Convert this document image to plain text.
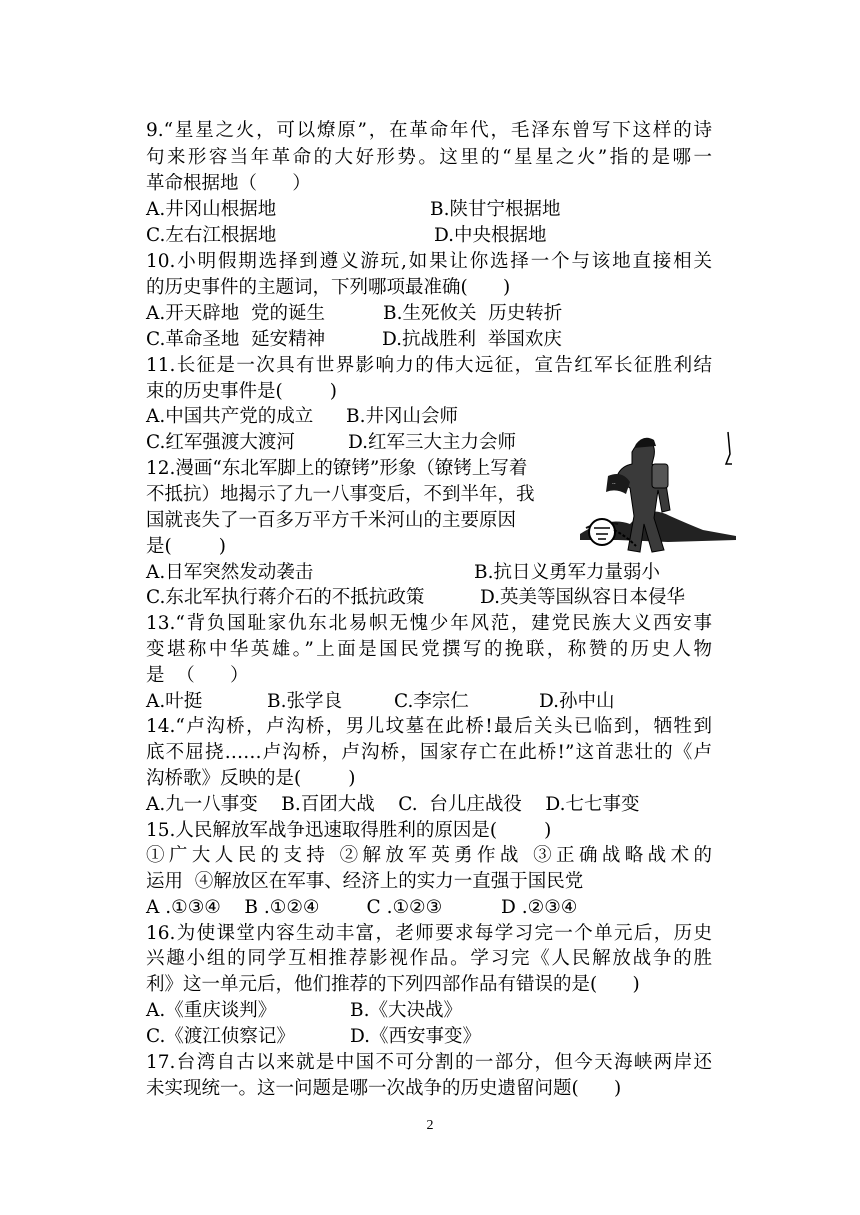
9.“星星之火，可以燎原”，在革命年代，毛泽东曾写下这样的诗
句来形容当年革命的大好形势。这里的“星星之火”指的是哪一
革命根据地（      ）
A.井冈山根据地	B.陕甘宁根据地
C.左右江根据地	D.中央根据地
10.小明假期选择到遵义游玩,如果让你选择一个与该地直接相关
的历史事件的主题词，下列哪项最准确(      )
A.开天辟地  党的诞生	B.生死攸关  历史转折
C.革命圣地  延安精神	D.抗战胜利  举国欢庆
11.长征是一次具有世界影响力的伟大远征，宣告红军长征胜利结
束的历史事件是(        )
A.中国共产党的成立 B.井冈山会师
C.红军强渡大渡河	D.红军三大主力会师
12.漫画“东北军脚上的镣铐”形象（镣铐上写着
不抵抗）地揭示了九一八事变后，不到半年，我
国就丧失了一百多万平方千米河山的主要原因
是(        )
··
A.日军突然发动袭击	B.抗日义勇军力量弱小
C.东北军执行蒋介石的不抵抗政策	D.英美等国纵容日本侵华
13.“背负国耻家仇东北易帜无愧少年风范，建党民族大义西安事
变堪称中华英雄。”上面是国民党撰写的挽联，称赞的历史人物
是  （      ）
A.叶挺	B.张学良	C.李宗仁	D.孙中山
14.“卢沟桥，卢沟桥，男儿坟墓在此桥!最后关头已临到，牺牲到
底不屈挠……卢沟桥，卢沟桥，国家存亡在此桥!”这首悲壮的《卢
沟桥歌》反映的是(        )
A.九一八事变    B.百团大战    C.  台儿庄战役    D.七七事变
15.人民解放军战争迅速取得胜利的原因是(        )
①广大人民的支持 ②解放军英勇作战 ③正确战略战术的
运用  ④解放区在军事、经济上的实力一直强于国民党
A .①③④    B .①②④        C .①②③          D .②③④
16.为使课堂内容生动丰富，老师要求每学习完一个单元后，历史
兴趣小组的同学互相推荐影视作品。学习完《人民解放战争的胜
利》这一单元后，他们推荐的下列四部作品有错误的是(      )
A.《重庆谈判》	B.《大决战》
C.《渡江侦察记》	D.《西安事变》
17.台湾自古以来就是中国不可分割的一部分，但今天海峡两岸还
未实现统一。这一问题是哪一次战争的历史遗留问题(      )
2
